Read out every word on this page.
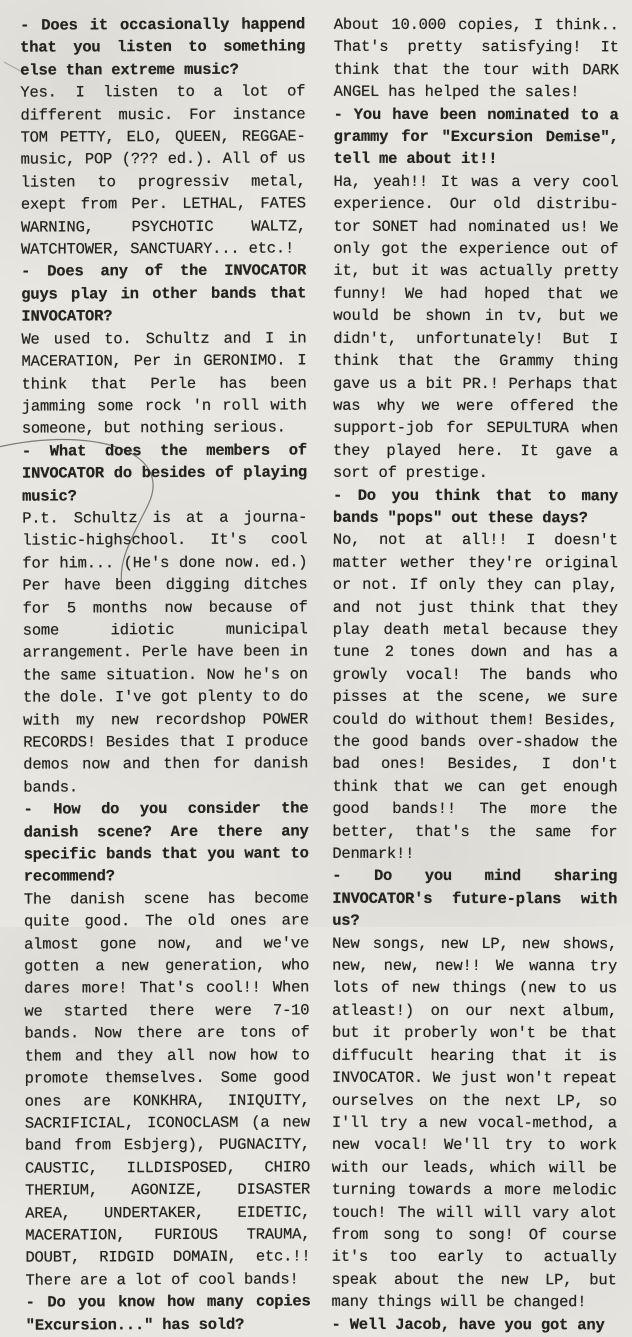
- Does it occasionally happend that you listen to something else than extreme music?

Yes. I listen to a lot of different music. For instance TOM PETTY, ELO, QUEEN, REGGAE-music, POP (??? ed.). All of us listen to progressiv metal, exept from Per. LETHAL, FATES WARNING, PSYCHOTIC WALTZ, WATCHTOWER, SANCTUARY... etc.!

- Does any of the INVOCATOR guys play in other bands that INVOCATOR?

We used to. Schultz and I in MACERATION, Per in GERONIMO. I think that Perle has been jamming some rock 'n roll with someone, but nothing serious.

- What does the members of INVOCATOR do besides of playing music?

P.t. Schultz is at a journa-listic-highschool. It's cool for him... (He's done now. ed.) Per have been digging ditches for 5 months now because of some idiotic municipal arrangement. Perle have been in the same situation. Now he's on the dole. I've got plenty to do with my new recordshop POWER RECORDS! Besides that I produce demos now and then for danish bands.

- How do you consider the danish scene? Are there any specific bands that you want to recommend?

The danish scene has become quite good. The old ones are almost gone now, and we've gotten a new generation, who dares more! That's cool!! When we started there were 7-10 bands. Now there are tons of them and they all now how to promote themselves. Some good ones are KONKHRA, INIQUITY, SACRIFICIAL, ICONOCLASM (a new band from Esbjerg), PUGNACITY, CAUSTIC, ILLDISPOSED, CHIRO THERIUM, AGONIZE, DISASTER AREA, UNDERTAKER, EIDETIC, MACERATION, FURIOUS TRAUMA, DOUBT, RIDGID DOMAIN, etc.!! There are a lot of cool bands!

- Do you know how many copies "Excursion..." has sold?

About 10.000 copies, I think.. That's pretty satisfying! It think that the tour with DARK ANGEL has helped the sales!

- You have been nominated to a grammy for "Excursion Demise", tell me about it!!

Ha, yeah!! It was a very cool experience. Our old distribu-tor SONET had nominated us! We only got the experience out of it, but it was actually pretty funny! We had hoped that we would be shown in tv, but we didn't, unfortunately! But I think that the Grammy thing gave us a bit PR.! Perhaps that was why we were offered the support-job for SEPULTURA when they played here. It gave a sort of prestige.

- Do you think that to many bands "pops" out these days?

No, not at all!! I doesn't matter wether they're original or not. If only they can play, and not just think that they play death metal because they tune 2 tones down and has a growly vocal! The bands who pisses at the scene, we sure could do without them! Besides, the good bands over-shadow the bad ones! Besides, I don't think that we can get enough good bands!! The more the better, that's the same for Denmark!!

- Do you mind sharing INVOCATOR's future-plans with us?

New songs, new LP, new shows, new, new, new!! We wanna try lots of new things (new to us atleast!) on our next album, but it proberly won't be that diffucult hearing that it is INVOCATOR. We just won't repeat ourselves on the next LP, so I'll try a new vocal-method, a new vocal! We'll try to work with our leads, which will be turning towards a more melodic touch! The will will vary alot from song to song! Of course it's too early to actually speak about the new LP, but many things will be changed!

- Well Jacob, have you got any
